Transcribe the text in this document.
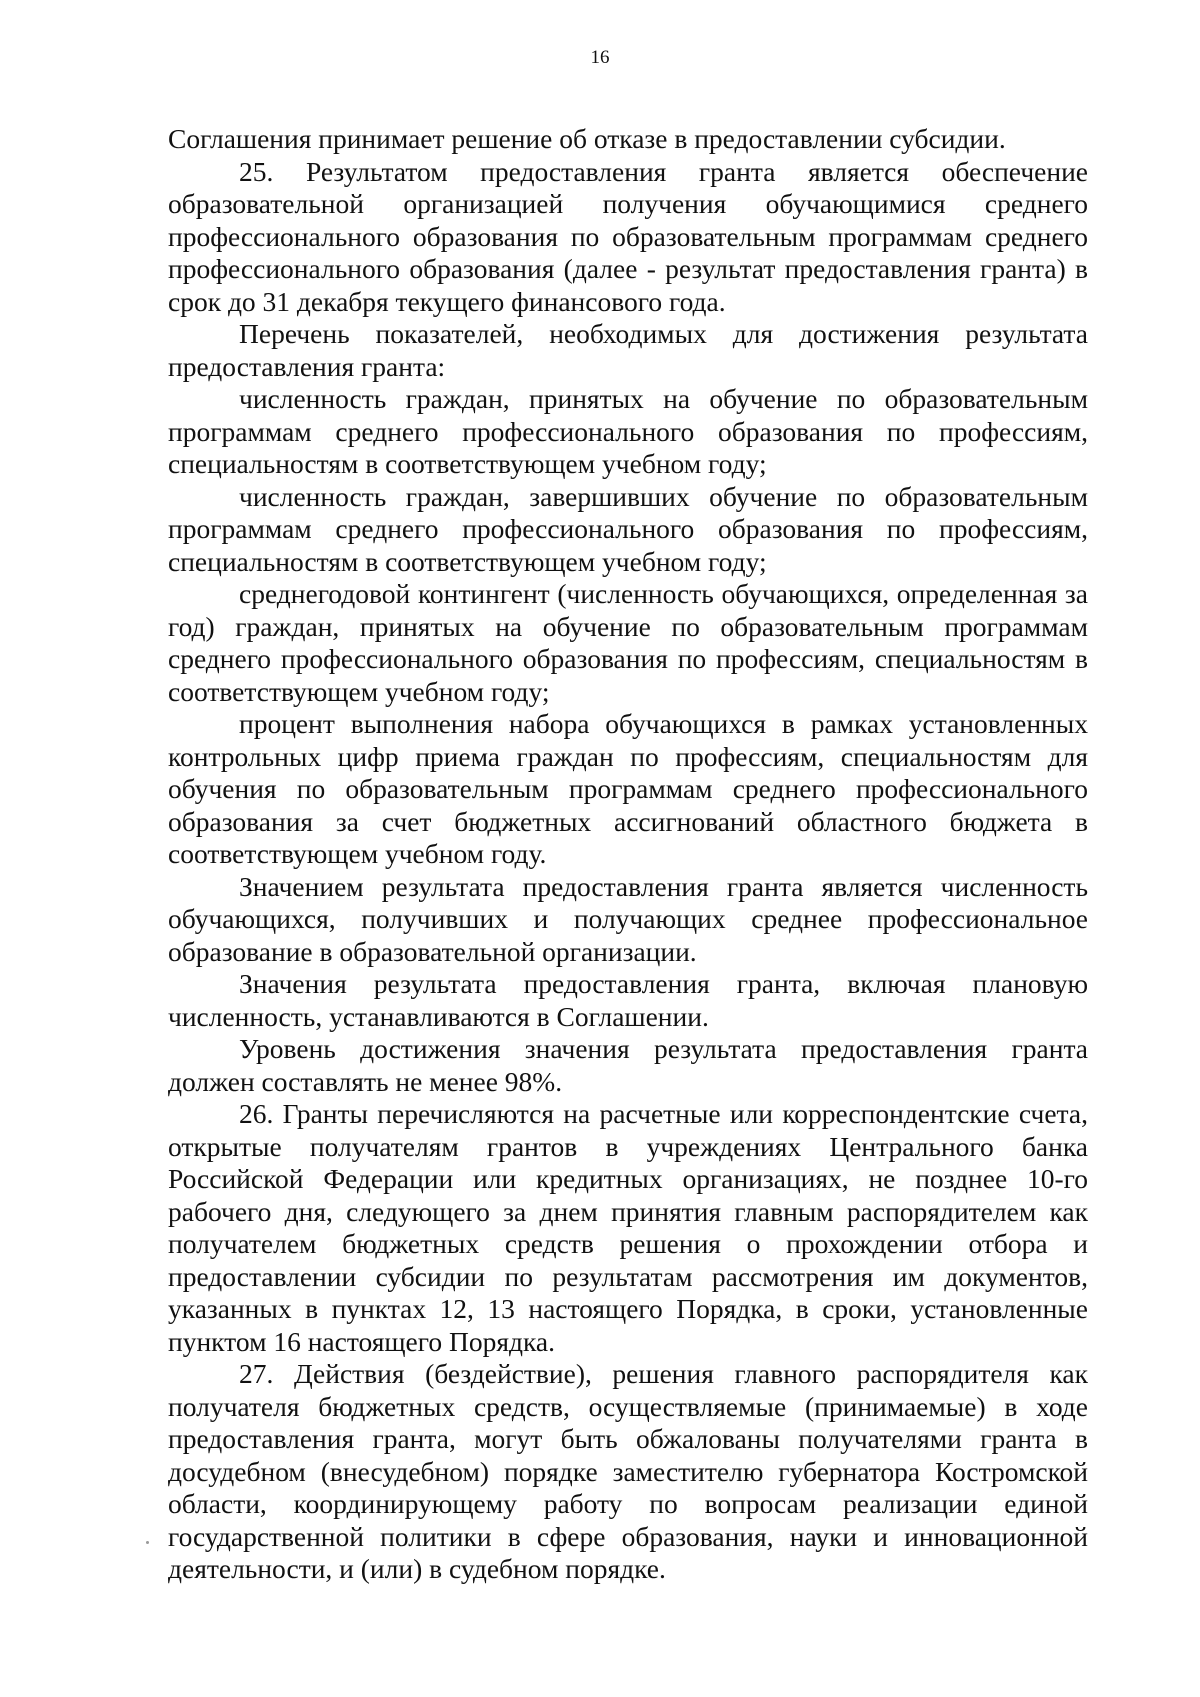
16

Соглашения принимает решение об отказе в предоставлении субсидии.

25. Результатом предоставления гранта является обеспечение образовательной организацией получения обучающимися среднего профессионального образования по образовательным программам среднего профессионального образования (далее - результат предоставления гранта) в срок до 31 декабря текущего финансового года.

Перечень показателей, необходимых для достижения результата предоставления гранта:

численность граждан, принятых на обучение по образовательным программам среднего профессионального образования по профессиям, специальностям в соответствующем учебном году;

численность граждан, завершивших обучение по образовательным программам среднего профессионального образования по профессиям, специальностям в соответствующем учебном году;

среднегодовой контингент (численность обучающихся, определенная за год) граждан, принятых на обучение по образовательным программам среднего профессионального образования по профессиям, специальностям в соответствующем учебном году;

процент выполнения набора обучающихся в рамках установленных контрольных цифр приема граждан по профессиям, специальностям для обучения по образовательным программам среднего профессионального образования за счет бюджетных ассигнований областного бюджета в соответствующем учебном году.

Значением результата предоставления гранта является численность обучающихся, получивших и получающих среднее профессиональное образование в образовательной организации.

Значения результата предоставления гранта, включая плановую численность, устанавливаются в Соглашении.

Уровень достижения значения результата предоставления гранта должен составлять не менее 98%.

26. Гранты перечисляются на расчетные или корреспондентские счета, открытые получателям грантов в учреждениях Центрального банка Российской Федерации или кредитных организациях, не позднее 10-го рабочего дня, следующего за днем принятия главным распорядителем как получателем бюджетных средств решения о прохождении отбора и предоставлении субсидии по результатам рассмотрения им документов, указанных в пунктах 12, 13 настоящего Порядка, в сроки, установленные пунктом 16 настоящего Порядка.

27. Действия (бездействие), решения главного распорядителя как получателя бюджетных средств, осуществляемые (принимаемые) в ходе предоставления гранта, могут быть обжалованы получателями гранта в досудебном (внесудебном) порядке заместителю губернатора Костромской области, координирующему работу по вопросам реализации единой государственной политики в сфере образования, науки и инновационной деятельности, и (или) в судебном порядке.
